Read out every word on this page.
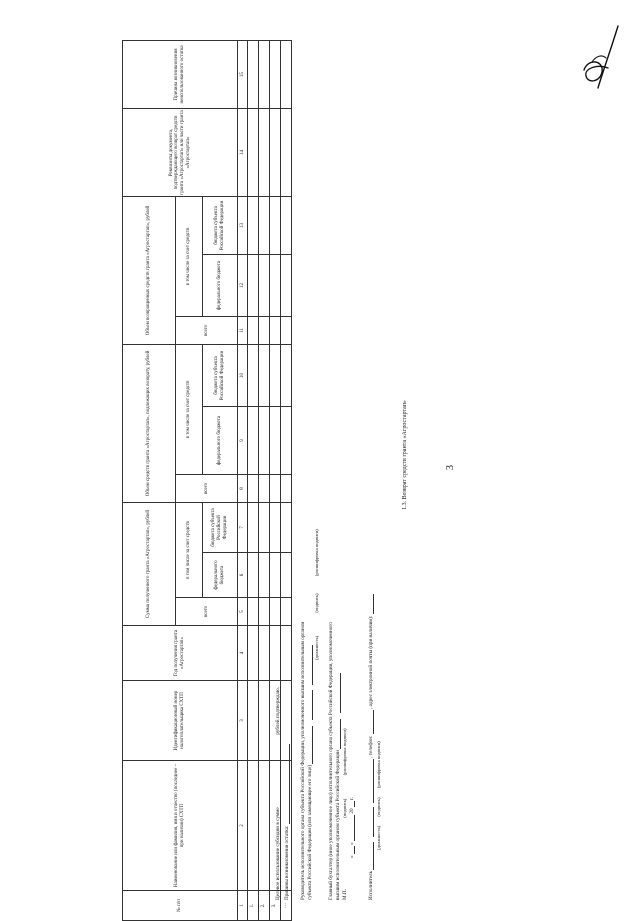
3
1.3. Возврат средств гранта «Агростартап»
№ п/п	Наименование или фамилия, имя и отчество (последнее – при наличии) СХТП	Идентификационный номер налогоплательщика СХТП	Год получения гранта «Агростартап»	Сумма полученного гранта «Агростартап», рублей			Объем средств гранта «Агростартап», подлежащих возврату, рублей			Объем возвращенных средств гранта «Агростартап», рублей			Реквизиты документа, подтверждающего возврат средств гранта «Агростартап» или части гранта «Агростартап»	Причина возникновения неиспользованного остатка
				всего	в том числе за счет средств		всего	в том числе за счет средств		всего	в том числе за счет средств			
					федерального бюджета	бюджета субъекта Российской Федерации		федерального бюджета	бюджета субъекта Российской Федерации		федерального бюджета	бюджета субъекта Российской Федерации		
1	2	3	4	5	6	7	8	9	10	11	12	13	14	15
1.														
2.														
3.														
…														
Целевое использование субсидии в сумме  рублей подтверждаю.
Причины возникновения остатка: Руководитель исполнительного органа субъекта Российской Федерации, уполномоченного высшим исполнительным органом субъекта Российской Федерации (или замещающее его лицо)
(должность) (подпись) (расшифровка подписи)
Главный бухгалтер (иное уполномоченное лицо) исполнительного органа субъекта Российской Федерации, уполномоченного высшим исполнительным органом субъекта Российской Федерации М.П. (подпись) (расшифровка подписи)
«  »  20  г.
Исполнитель    , телефон:  , адрес электронной почты (при наличии):
(должность) (подпись) (расшифровка подписи)
